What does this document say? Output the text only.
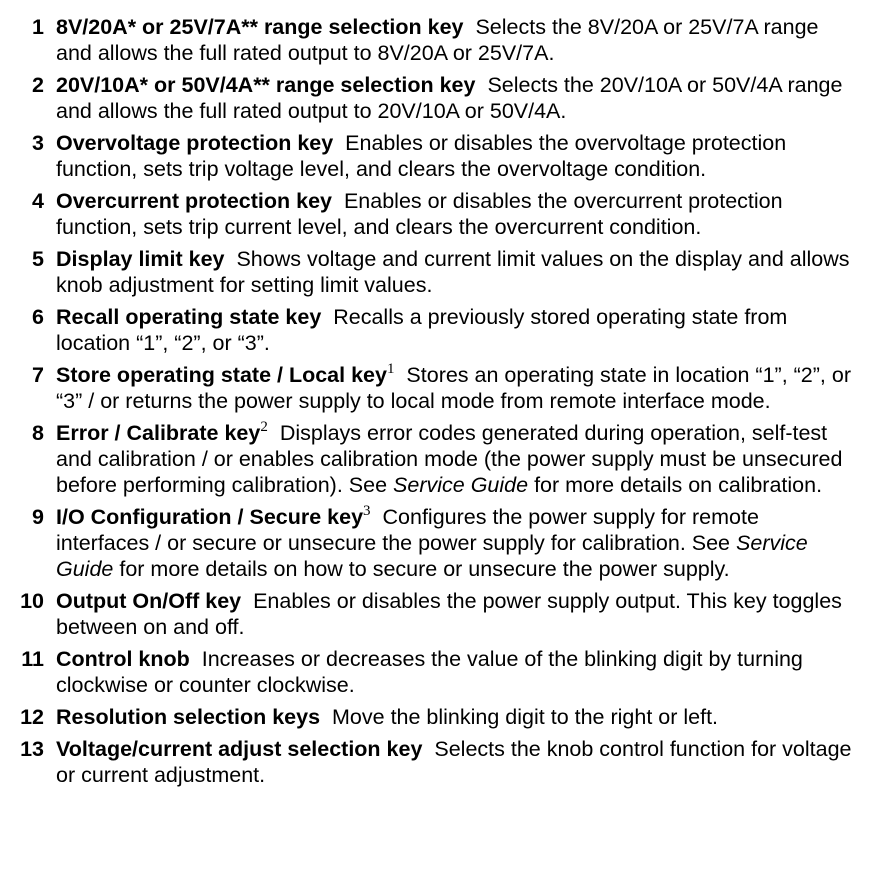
1 8V/20A* or 25V/7A** range selection key Selects the 8V/20A or 25V/7A range and allows the full rated output to 8V/20A or 25V/7A.
2 20V/10A* or 50V/4A** range selection key Selects the 20V/10A or 50V/4A range and allows the full rated output to 20V/10A or 50V/4A.
3 Overvoltage protection key Enables or disables the overvoltage protection function, sets trip voltage level, and clears the overvoltage condition.
4 Overcurrent protection key Enables or disables the overcurrent protection function, sets trip current level, and clears the overcurrent condition.
5 Display limit key Shows voltage and current limit values on the display and allows knob adjustment for setting limit values.
6 Recall operating state key Recalls a previously stored operating state from location “1”, “2”, or “3”.
7 Store operating state / Local key$^1$ Stores an operating state in location “1”, “2”, or “3” / or returns the power supply to local mode from remote interface mode.
8 Error / Calibrate key$^2$ Displays error codes generated during operation, self-test and calibration / or enables calibration mode (the power supply must be unsecured before performing calibration). See Service Guide for more details on calibration.
9 I/O Configuration / Secure key$^3$ Configures the power supply for remote interfaces / or secure or unsecure the power supply for calibration. See Service Guide for more details on how to secure or unsecure the power supply.
10 Output On/Off key Enables or disables the power supply output. This key toggles between on and off.
11 Control knob Increases or decreases the value of the blinking digit by turning clockwise or counter clockwise.
12 Resolution selection keys Move the blinking digit to the right or left.
13 Voltage/current adjust selection key Selects the knob control function for voltage or current adjustment.
